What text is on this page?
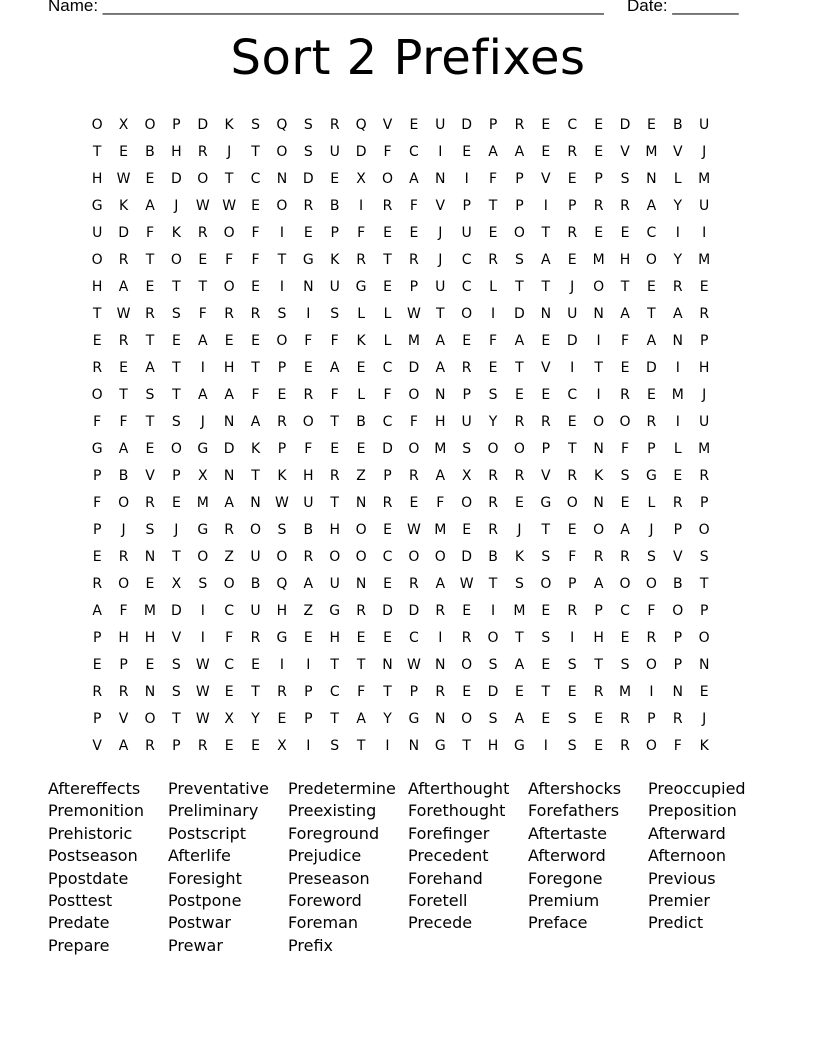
Name: _____________________________________________________ Date: _______
Sort 2 Prefixes
O	X	O	P	D	K	S	Q	S	R	Q	V	E	U	D	P	R	E	C	E	D	E	B	U
T	E	B	H	R	J	T	O	S	U	D	F	C	I	E	A	A	E	R	E	V	M	V	J
H	W	E	D	O	T	C	N	D	E	X	O	A	N	I	F	P	V	E	P	S	N	L	M
G	K	A	J	W W	E	O	R	B	I	R	F	V	P	T	P	I	P	R	R	A	Y	U
U	D	F	K	R	O	F	I	E	P	F	E	E	J	U	E	O	T	R	E	E	C	I	I
O	R	T	O	E	F	F	T	G	K	R	T	R	J	C	R	S	A	E	M	H	O	Y	M
H	A	E	T	T	O	E	I	N	U	G	E	P	U	C	L	T	T	J	O	T	E	R	E
T	W	R	S	F	R	R	S	I	S	L	L	W	T	O	I	D	N	U	N	A	T	A	R
E	R	T	E	A	E	E	O	F	F	K	L	M	A	E	F	A	E	D	I	F	A	N	P
R	E	A	T	I	H	T	P	E	A	E	C	D	A	R	E	T	V	I	T	E	D	I	H
O	T	S	T	A	A	F	E	R	F	L	F	O	N	P	S	E	E	C	I	R	E	M	J
F	F	T	S	J	N	A	R	O	T	B	C	F	H	U	Y	R	R	E	O	O	R	I	U
G	A	E	O	G	D	K	P	F	E	E	D	O	M	S	O	O	P	T	N	F	P	L	M
P	B	V	P	X	N	T	K	H	R	Z	P	R	A	X	R	R	V	R	K	S	G	E	R
F	O	R	E	M	A	N	W	U	T	N	R	E	F	O	R	E	G	O	N	E	L	R	P
P	J	S	J	G	R	O	S	B	H	O	E	W M	E	R	J	T	E	O	A	J	P	O
E	R	N	T	O	Z	U	O	R	O	O	C	O	O	D	B	K	S	F	R	R	S	V	S
R	O	E	X	S	O	B	Q	A	U	N	E	R	A	W	T	S	O	P	A	O	O	B	T
A	F	M	D	I	C	U	H	Z	G	R	D	D	R	E	I	M	E	R	P	C	F	O	P
P	H	H	V	I	F	R	G	E	H	E	E	C	I	R	O	T	S	I	H	E	R	P	O
E	P	E	S	W	C	E	I	I	T	T	N	W	N	O	S	A	E	S	T	S	O	P	N
R	R	N	S	W	E	T	R	P	C	F	T	P	R	E	D	E	T	E	R	M	I	N	E
P	V	O	T	W	X	Y	E	P	T	A	Y	G	N	O	S	A	E	S	E	R	P	R	J
V	A	R	P	R	E	E	X	I	S	T	I	N	G	T	H	G	I	S	E	R	O	F	K
Aftereffects	Preventative	Predetermine Afterthought	Aftershocks	Preoccupied
Premonition	Preliminary	Preexisting	Forethought	Forefathers	Preposition
Prehistoric	Postscript	Foreground	Forefinger	Aftertaste	Afterward
Postseason	Afterlife	Prejudice	Precedent	Afterword	Afternoon
Ppostdate	Foresight	Preseason	Forehand	Foregone	Previous
Posttest	Postpone	Foreword	Foretell	Premium	Premier
Predate	Postwar	Foreman	Precede	Preface	Predict
Prepare	Prewar	Prefix
